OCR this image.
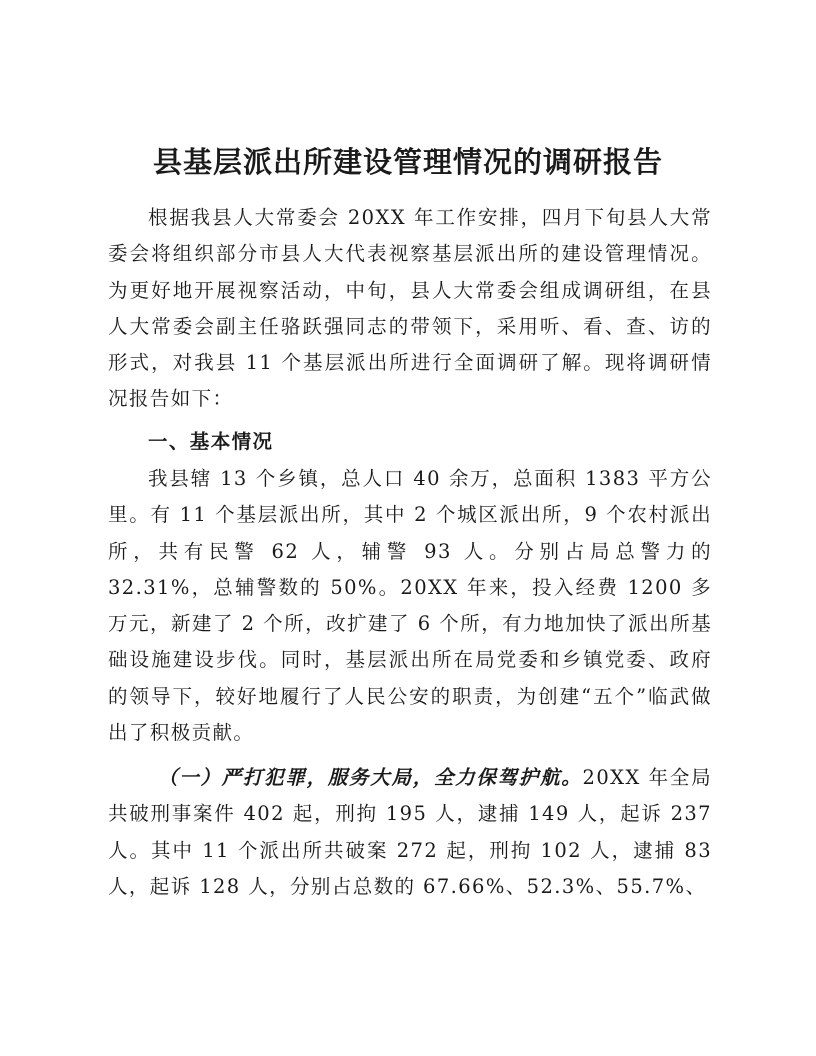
县基层派出所建设管理情况的调研报告

根据我县人大常委会 20XX 年工作安排，四月下旬县人大常委会将组织部分市县人大代表视察基层派出所的建设管理情况。为更好地开展视察活动，中旬，县人大常委会组成调研组，在县人大常委会副主任骆跃强同志的带领下，采用听、看、查、访的形式，对我县 11 个基层派出所进行全面调研了解。现将调研情况报告如下：

一、基本情况

我县辖 13 个乡镇，总人口 40 余万，总面积 1383 平方公里。有 11 个基层派出所，其中 2 个城区派出所，9 个农村派出所，共有民警 62 人，辅警 93 人。分别占局总警力的 32.31%，总辅警数的 50%。20XX 年来，投入经费 1200 多万元，新建了 2 个所，改扩建了 6 个所，有力地加快了派出所基础设施建设步伐。同时，基层派出所在局党委和乡镇党委、政府的领导下，较好地履行了人民公安的职责，为创建“五个”临武做出了积极贡献。

（一）严打犯罪，服务大局，全力保驾护航。20XX 年全局共破刑事案件 402 起，刑拘 195 人，逮捕 149 人，起诉 237 人。其中 11 个派出所共破案 272 起，刑拘 102 人，逮捕 83 人，起诉 128 人，分别占总数的 67.66%、52.3%、55.7%、
